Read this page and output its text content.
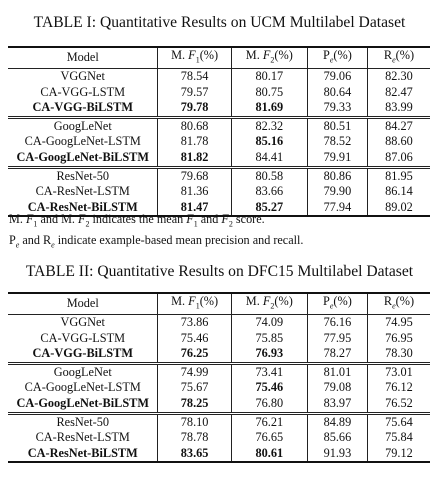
TABLE I: Quantitative Results on UCM Multilabel Dataset
Model	M. $F_1(\%)$	M. $F_2(\%)$	$P_e(\%)$	$R_e(\%)$
VGGNet	78.54	80.17	79.06	82.30
CA-VGG-LSTM	79.57	80.75	80.64	82.47
CA-VGG-BiLSTM	79.78	81.69	79.33	83.99
GoogLeNet	80.68	82.32	80.51	84.27
CA-GoogLeNet-LSTM	81.78	85.16	78.52	88.60
CA-GoogLeNet-BiLSTM	81.82	84.41	79.91	87.06
ResNet-50	79.68	80.58	80.86	81.95
CA-ResNet-LSTM	81.36	83.66	79.90	86.14
CA-ResNet-BiLSTM	81.47	85.27	77.94	89.02
M. $F_1$ and M. $F_2$ indicates the mean $F_1$ and $F_2$ score.
$P_e$ and $R_e$ indicate example-based mean precision and recall.
TABLE II: Quantitative Results on DFC15 Multilabel Dataset
Model	M. $F_1(\%)$	M. $F_2(\%)$	$P_e(\%)$	$R_e(\%)$
VGGNet	73.86	74.09	76.16	74.95
CA-VGG-LSTM	75.46	75.85	77.95	76.95
CA-VGG-BiLSTM	76.25	76.93	78.27	78.30
GoogLeNet	74.99	73.41	81.01	73.01
CA-GoogLeNet-LSTM	75.67	75.46	79.08	76.12
CA-GoogLeNet-BiLSTM	78.25	76.80	83.97	76.52
ResNet-50	78.10	76.21	84.89	75.64
CA-ResNet-LSTM	78.78	76.65	85.66	75.84
CA-ResNet-BiLSTM	83.65	80.61	91.93	79.12
